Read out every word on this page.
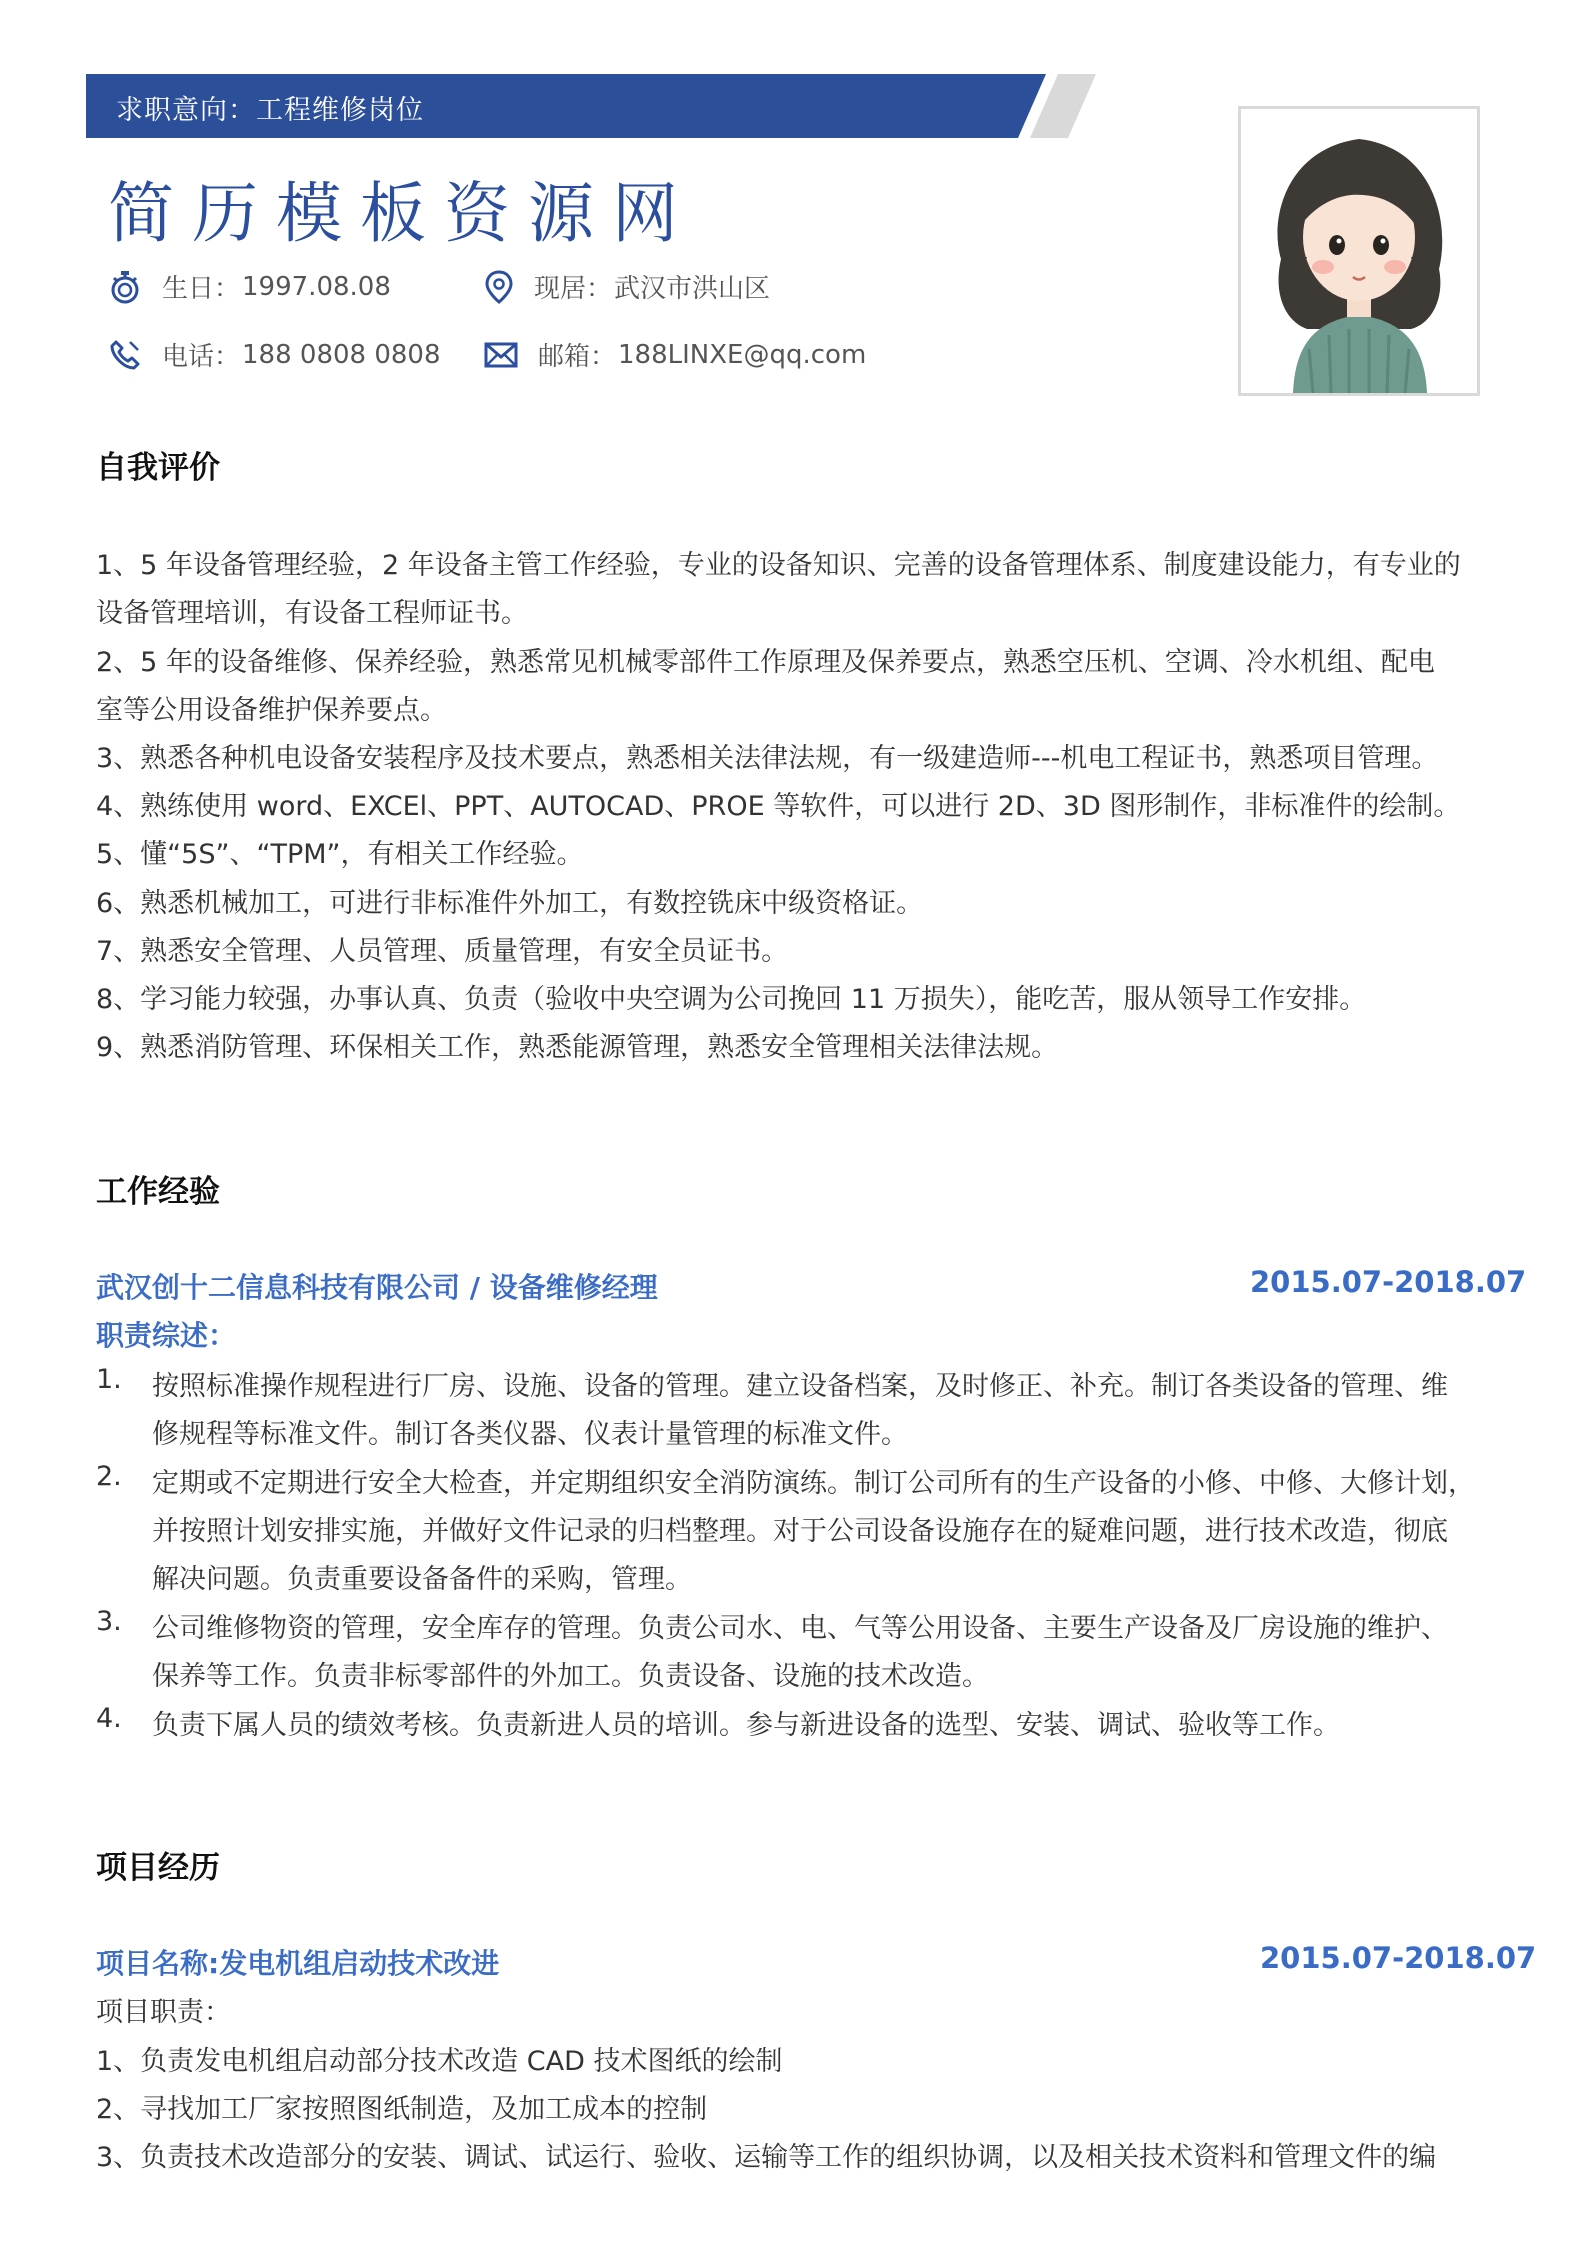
求职意向：工程维修岗位
简历模板资源网
生日： 1997.08.08	现居： 武汉市洪山区
电话： 188 0808 0808	邮箱： 188LINXE@qq.com
自我评价
1、5 年设备管理经验，2 年设备主管工作经验，专业的设备知识、完善的设备管理体系、制度建设能力，有专业的
设备管理培训，有设备工程师证书。
2、5 年的设备维修、保养经验，熟悉常见机械零部件工作原理及保养要点，熟悉空压机、空调、冷水机组、配电
室等公用设备维护保养要点。
3、熟悉各种机电设备安装程序及技术要点，熟悉相关法律法规，有一级建造师---机电工程证书，熟悉项目管理。
4、熟练使用 word、EXCEl、PPT、AUTOCAD、PROE 等软件，可以进行 2D、3D 图形制作，非标准件的绘制。
5、懂“5S”、“TPM”，有相关工作经验。
6、熟悉机械加工，可进行非标准件外加工，有数控铣床中级资格证。
7、熟悉安全管理、人员管理、质量管理，有安全员证书。
8、学习能力较强，办事认真、负责（验收中央空调为公司挽回 11 万损失），能吃苦，服从领导工作安排。
9、熟悉消防管理、环保相关工作，熟悉能源管理，熟悉安全管理相关法律法规。
工作经验
武汉创十二信息科技有限公司 / 设备维修经理	2015.07-2018.07
职责综述：
1. 按照标准操作规程进行厂房、设施、设备的管理。建立设备档案，及时修正、补充。制订各类设备的管理、维
修规程等标准文件。制订各类仪器、仪表计量管理的标准文件。
2. 定期或不定期进行安全大检查，并定期组织安全消防演练。制订公司所有的生产设备的小修、中修、大修计划，
并按照计划安排实施，并做好文件记录的归档整理。对于公司设备设施存在的疑难问题，进行技术改造，彻底
解决问题。负责重要设备备件的采购，管理。
3. 公司维修物资的管理，安全库存的管理。负责公司水、电、气等公用设备、主要生产设备及厂房设施的维护、
保养等工作。负责非标零部件的外加工。负责设备、设施的技术改造。
4. 负责下属人员的绩效考核。负责新进人员的培训。参与新进设备的选型、安装、调试、验收等工作。
项目经历
项目名称:发电机组启动技术改进	2015.07-2018.07
项目职责：
1、负责发电机组启动部分技术改造 CAD 技术图纸的绘制
2、寻找加工厂家按照图纸制造，及加工成本的控制
3、负责技术改造部分的安装、调试、试运行、验收、运输等工作的组织协调，以及相关技术资料和管理文件的编
